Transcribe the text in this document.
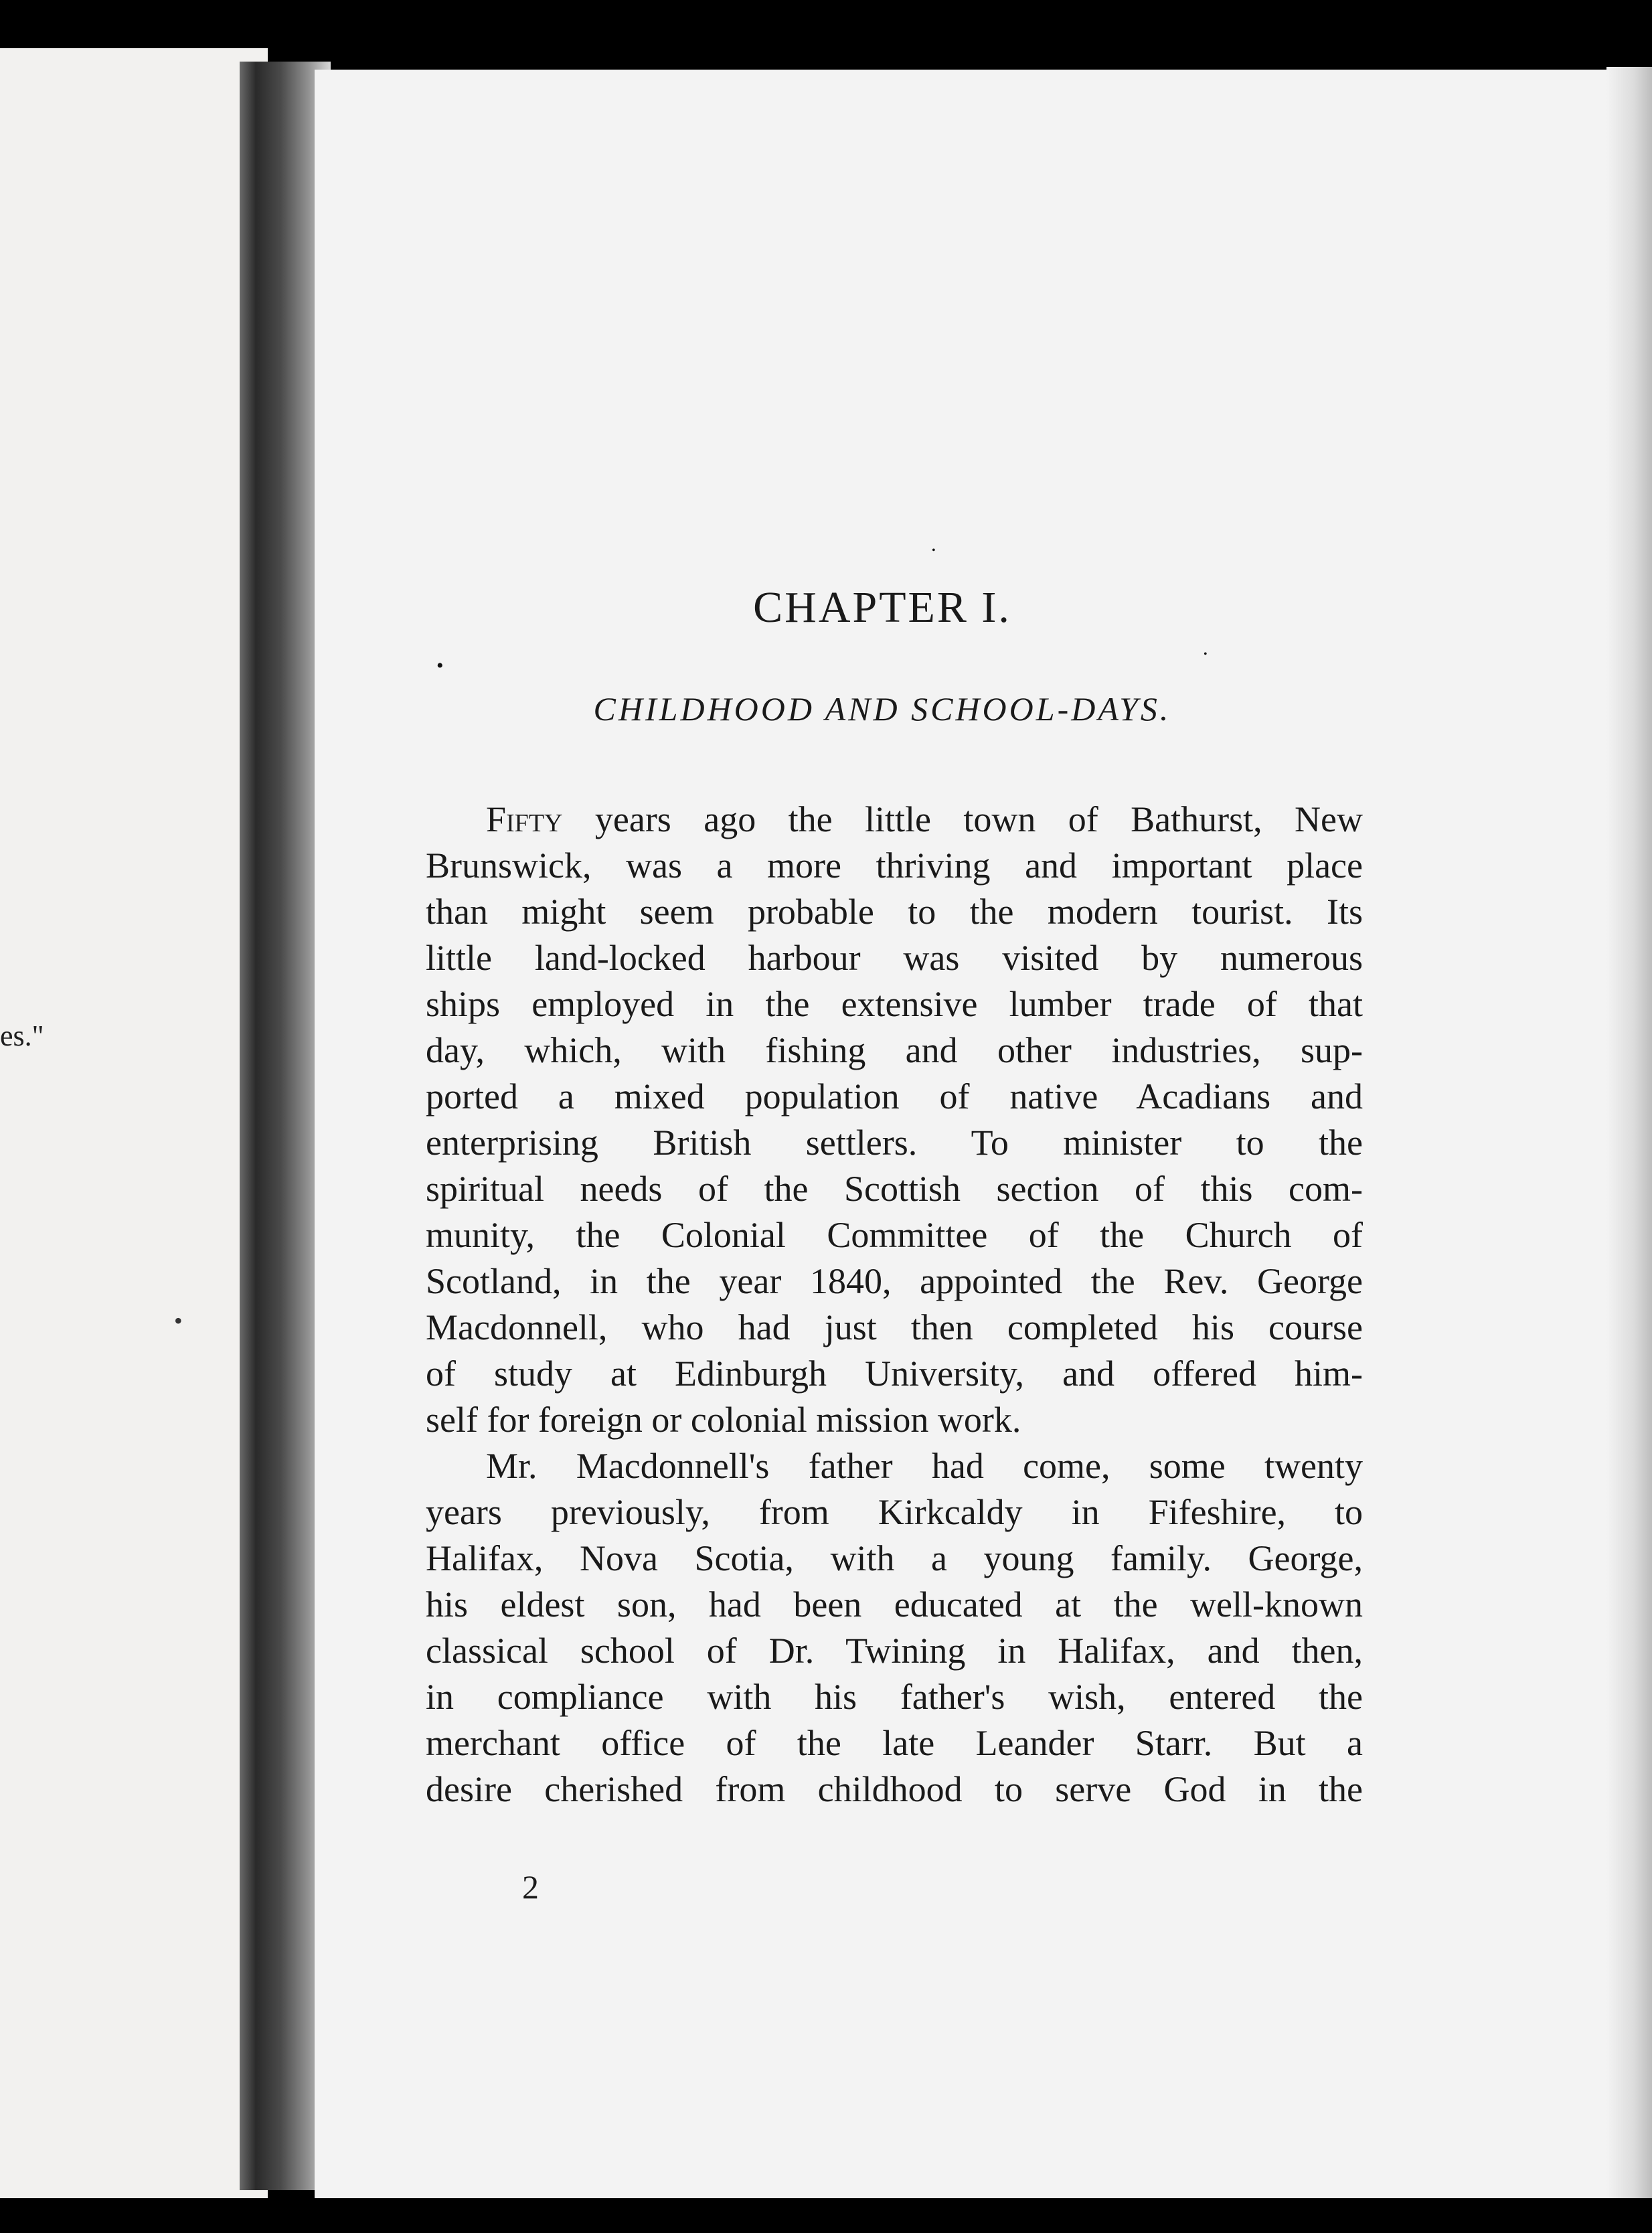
es."
•
•
•
•
CHAPTER I.
CHILDHOOD AND SCHOOL-DAYS.
Fifty years ago the little town of Bathurst, New
Brunswick, was a more thriving and important place
than might seem probable to the modern tourist. Its
little land-locked harbour was visited by numerous
ships employed in the extensive lumber trade of that
day, which, with fishing and other industries, sup-
ported a mixed population of native Acadians and
enterprising British settlers. To minister to the
spiritual needs of the Scottish section of this com-
munity, the Colonial Committee of the Church of
Scotland, in the year 1840, appointed the Rev. George
Macdonnell, who had just then completed his course
of study at Edinburgh University, and offered him-
self for foreign or colonial mission work.
Mr. Macdonnell's father had come, some twenty
years previously, from Kirkcaldy in Fifeshire, to
Halifax, Nova Scotia, with a young family. George,
his eldest son, had been educated at the well-known
classical school of Dr. Twining in Halifax, and then,
in compliance with his father's wish, entered the
merchant office of the late Leander Starr. But a
desire cherished from childhood to serve God in the
2
